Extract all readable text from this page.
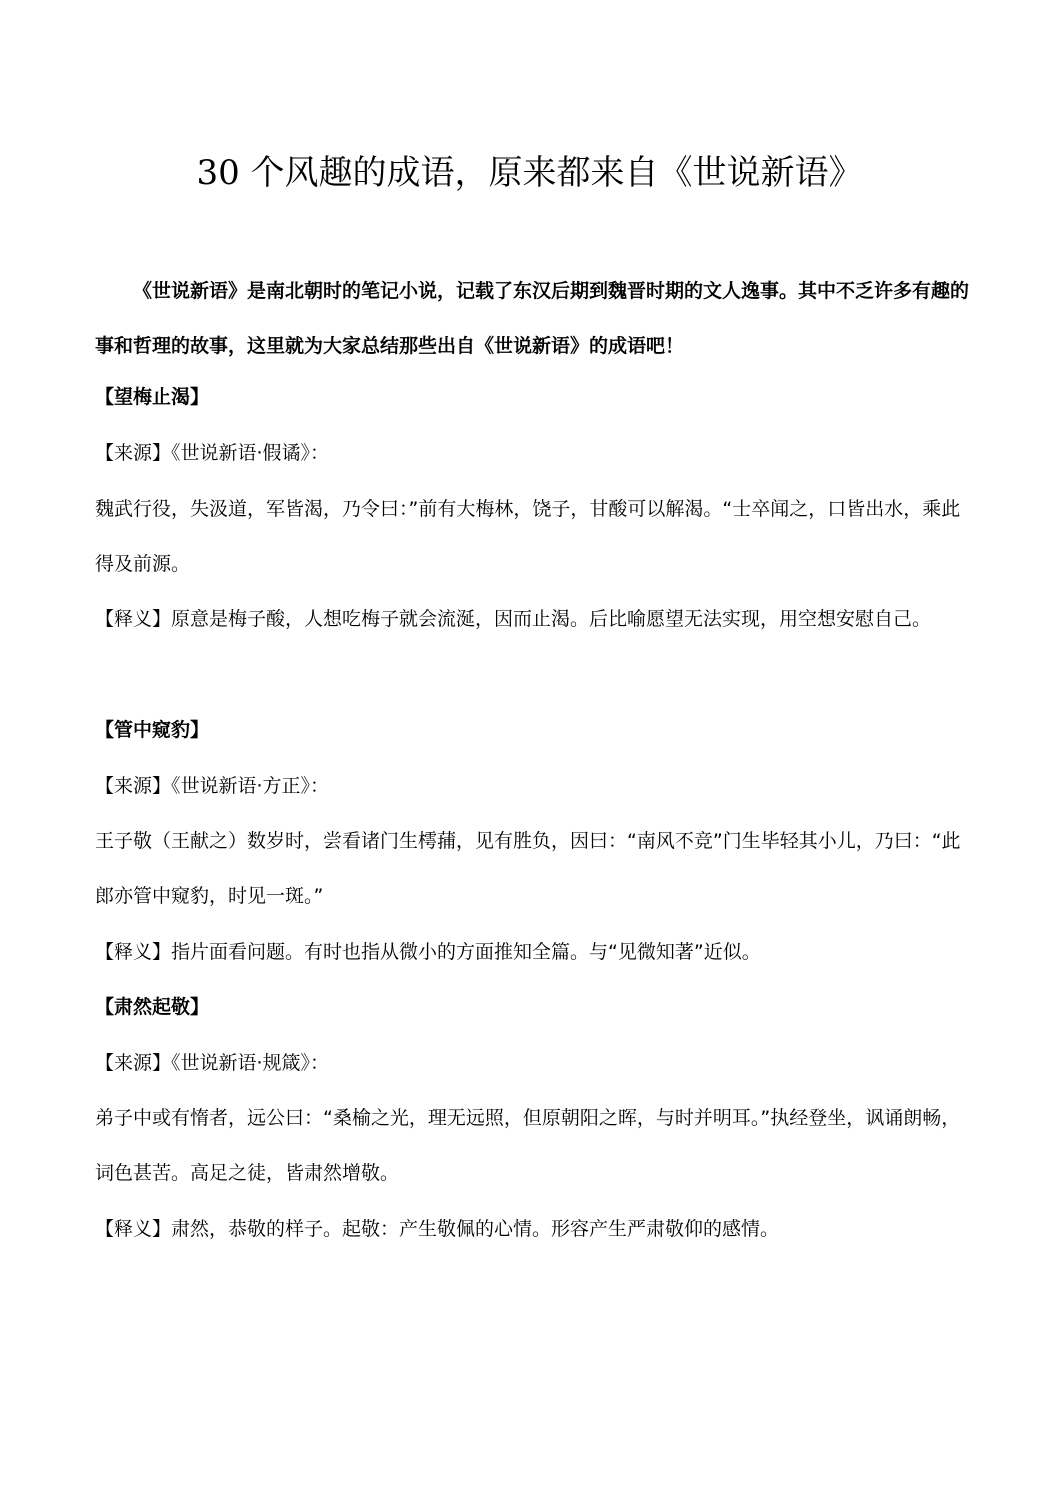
30 个风趣的成语，原来都来自《世说新语》

《世说新语》是南北朝时的笔记小说，记载了东汉后期到魏晋时期的文人逸事。其中不乏许多有趣的事和哲理的故事，这里就为大家总结那些出自《世说新语》的成语吧！

【望梅止渴】
【来源】《世说新语·假谲》：

魏武行役，失汲道，军皆渴，乃令曰：”前有大梅林，饶子，甘酸可以解渴。“士卒闻之，口皆出水，乘此得及前源。

【释义】原意是梅子酸，人想吃梅子就会流涎，因而止渴。后比喻愿望无法实现，用空想安慰自己。

【管中窥豹】
【来源】《世说新语·方正》：

王子敬（王献之）数岁时，尝看诸门生樗蒱，见有胜负，因曰：“南风不竞”门生毕轻其小儿，乃曰：“此郎亦管中窥豹，时见一斑。”

【释义】指片面看问题。有时也指从微小的方面推知全篇。与“见微知著”近似。
【肃然起敬】
【来源】《世说新语·规箴》：

弟子中或有惰者，远公曰：“桑榆之光，理无远照，但原朝阳之晖，与时并明耳。”执经登坐，讽诵朗畅，词色甚苦。高足之徒，皆肃然增敬。

【释义】肃然，恭敬的样子。起敬：产生敬佩的心情。形容产生严肃敬仰的感情。
